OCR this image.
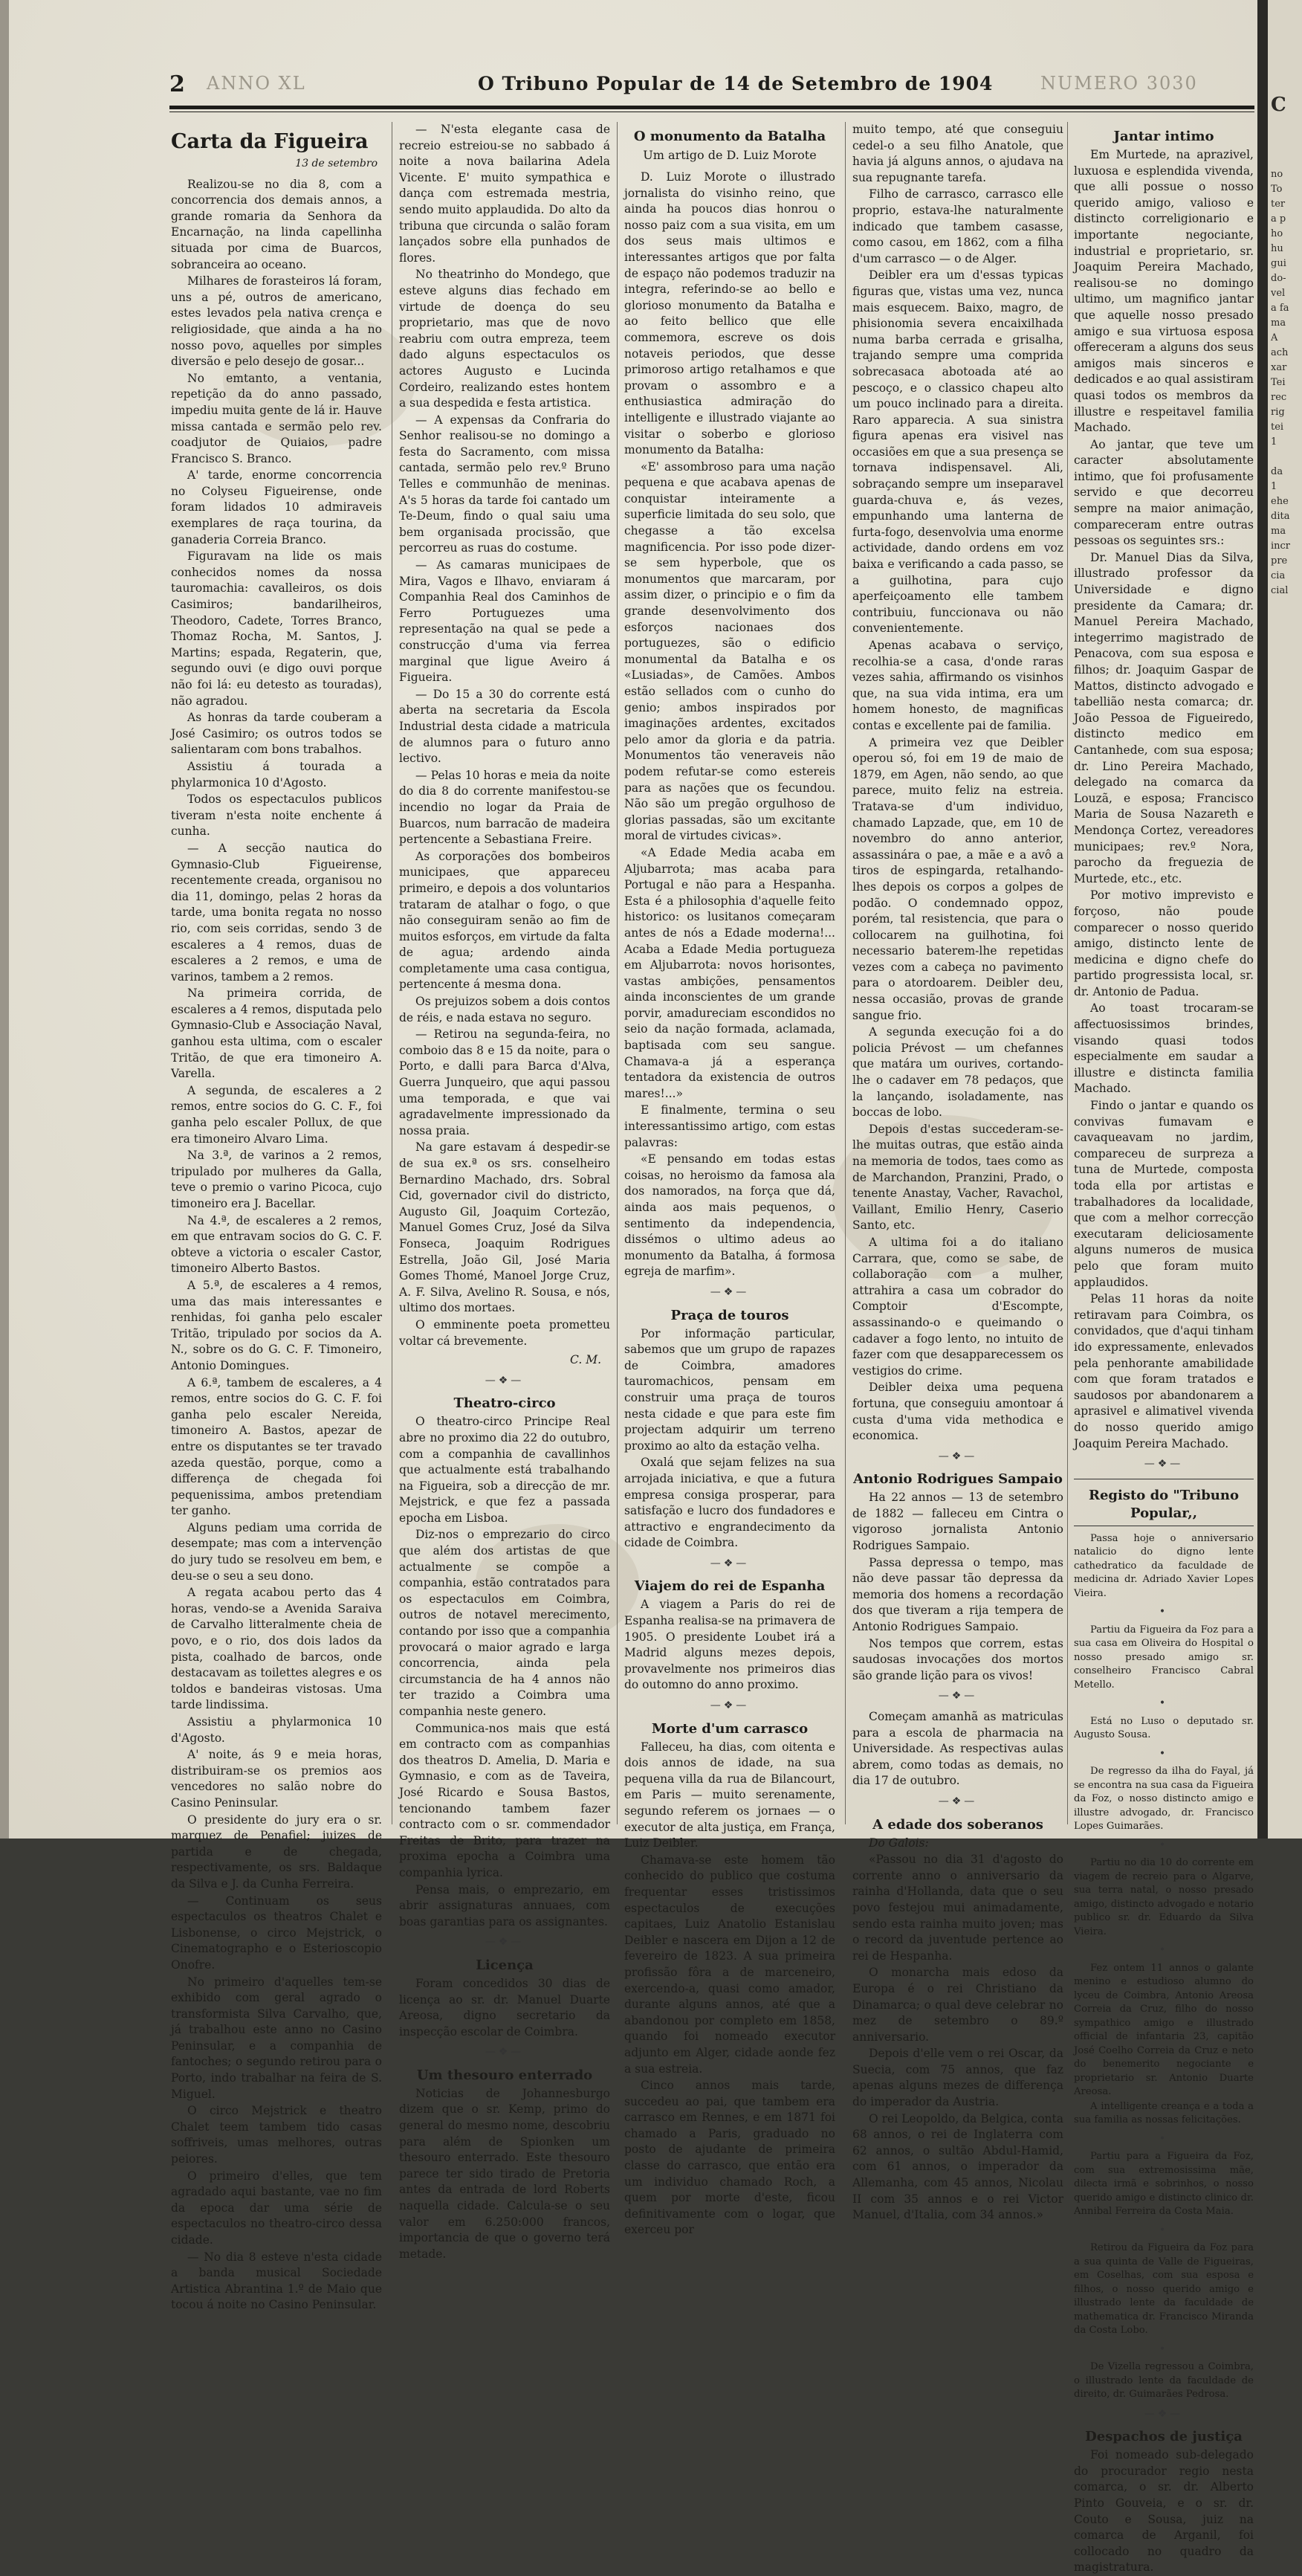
2 ANNO XL	O Tribuno Popular de 14 de Setembro de 1904	NUMERO 3030
Carta da Figueira
13 de setembro

Realizou-se no dia 8, com a concorrencia dos demais annos, a grande romaria da Senhora da Encarnação, na linda capellinha situada por cima de Buarcos, sobranceira ao oceano.

Milhares de forasteiros lá foram, uns a pé, outros de americano, estes levados pela nativa crença e religiosidade, que ainda a ha no nosso povo, aquelles por simples diversão e pelo desejo de gosar...

No emtanto, a ventania, repetição da do anno passado, impediu muita gente de lá ir. Hauve missa cantada e sermão pelo rev. coadjutor de Quiaios, padre Francisco S. Branco.

A' tarde, enorme concorrencia no Colyseu Figueirense, onde foram lidados 10 admiraveis exemplares de raça tourina, da ganaderia Correia Branco.

Figuravam na lide os mais conhecidos nomes da nossa tauromachia: cavalleiros, os dois Casimiros; bandarilheiros, Theodoro, Cadete, Torres Branco, Thomaz Rocha, M. Santos, J. Martins; espada, Regaterin, que, segundo ouvi (e digo ouvi porque não foi lá: eu detesto as touradas), não agradou.

As honras da tarde couberam a José Casimiro; os outros todos se salientaram com bons trabalhos.

Assistiu á tourada a phylarmonica 10 d'Agosto.

Todos os espectaculos publicos tiveram n'esta noite enchente á cunha.

— A secção nautica do Gymnasio-Club Figueirense, recentemente creada, organisou no dia 11, domingo, pelas 2 horas da tarde, uma bonita regata no nosso rio, com seis corridas, sendo 3 de escaleres a 4 remos, duas de escaleres a 2 remos, e uma de varinos, tambem a 2 remos.

Na primeira corrida, de escaleres a 4 remos, disputada pelo Gymnasio-Club e Associação Naval, ganhou esta ultima, com o escaler Tritão, de que era timoneiro A. Varella.

A segunda, de escaleres a 2 remos, entre socios do G. C. F., foi ganha pelo escaler Pollux, de que era timoneiro Alvaro Lima.

Na 3.ª, de varinos a 2 remos, tripulado por mulheres da Galla, teve o premio o varino Picoca, cujo timoneiro era J. Bacellar.

Na 4.ª, de escaleres a 2 remos, em que entravam socios do G. C. F. obteve a victoria o escaler Castor, timoneiro Alberto Bastos.

A 5.ª, de escaleres a 4 remos, uma das mais interessantes e renhidas, foi ganha pelo escaler Tritão, tripulado por socios da A. N., sobre os do G. C. F. Timoneiro, Antonio Domingues.

A 6.ª, tambem de escaleres, a 4 remos, entre socios do G. C. F. foi ganha pelo escaler Nereida, timoneiro A. Bastos, apezar de entre os disputantes se ter travado azeda questão, porque, como a differença de chegada foi pequenissima, ambos pretendiam ter ganho.

Alguns pediam uma corrida de desempate; mas com a intervenção do jury tudo se resolveu em bem, e deu-se o seu a seu dono.

A regata acabou perto das 4 horas, vendo-se a Avenida Saraiva de Carvalho litteralmente cheia de povo, e o rio, dos dois lados da pista, coalhado de barcos, onde destacavam as toilettes alegres e os toldos e bandeiras vistosas. Uma tarde lindissima.

Assistiu a phylarmonica 10 d'Agosto.

A' noite, ás 9 e meia horas, distribuiram-se os premios aos vencedores no salão nobre do Casino Peninsular.

O presidente do jury era o sr. marquez de Penafiel; juizes de partida e de chegada, respectivamente, os srs. Baldaque da Silva e J. da Cunha Ferreira.

— Continuam os seus espectaculos os theatros Chalet e Lisbonense, o circo Mejstrick, o Cinematographo e o Esterioscopio Onofre.

No primeiro d'aquelles tem-se exhibido com geral agrado o transformista Silva Carvalho, que, já trabalhou este anno no Casino Peninsular, e a companhia de fantoches; o segundo retirou para o Porto, indo trabalhar na feira de S. Miguel.

O circo Mejstrick e theatro Chalet teem tambem tido casas soffriveis, umas melhores, outras peiores.

O primeiro d'elles, que tem agradado aqui bastante, vae no fim da epoca dar uma série de espectaculos no theatro-circo dessa cidade.

— No dia 8 esteve n'esta cidade a banda musical Sociedade Artistica Abrantina 1.º de Maio que tocou á noite no Casino Peninsular.

— N'esta elegante casa de recreio estreiou-se no sabbado á noite a nova bailarina Adela Vicente. E' muito sympathica e dança com estremada mestria, sendo muito applaudida. Do alto da tribuna que circunda o salão foram lançados sobre ella punhados de flores.

No theatrinho do Mondego, que esteve alguns dias fechado em virtude de doença do seu proprietario, mas que de novo reabriu com outra empreza, teem dado alguns espectaculos os actores Augusto e Lucinda Cordeiro, realizando estes hontem a sua despedida e festa artistica.

— A expensas da Confraria do Senhor realisou-se no domingo a festa do Sacramento, com missa cantada, sermão pelo rev.º Bruno Telles e communhão de meninas. A's 5 horas da tarde foi cantado um Te-Deum, findo o qual saiu uma bem organisada procissão, que percorreu as ruas do costume.

— As camaras municipaes de Mira, Vagos e Ilhavo, enviaram á Companhia Real dos Caminhos de Ferro Portuguezes uma representação na qual se pede a construcção d'uma via ferrea marginal que ligue Aveiro á Figueira.

— Do 15 a 30 do corrente está aberta na secretaria da Escola Industrial desta cidade a matricula de alumnos para o futuro anno lectivo.

— Pelas 10 horas e meia da noite do dia 8 do corrente manifestou-se incendio no logar da Praia de Buarcos, num barracão de madeira pertencente a Sebastiana Freire.

As corporações dos bombeiros municipaes, que appareceu primeiro, e depois a dos voluntarios trataram de atalhar o fogo, o que não conseguiram senão ao fim de muitos esforços, em virtude da falta de agua; ardendo ainda completamente uma casa contigua, pertencente á mesma dona.

Os prejuizos sobem a dois contos de réis, e nada estava no seguro.

— Retirou na segunda-feira, no comboio das 8 e 15 da noite, para o Porto, e dalli para Barca d'Alva, Guerra Junqueiro, que aqui passou uma temporada, e que vai agradavelmente impressionado da nossa praia.

Na gare estavam á despedir-se de sua ex.ª os srs. conselheiro Bernardino Machado, drs. Sobral Cid, governador civil do districto, Augusto Gil, Joaquim Cortezão, Manuel Gomes Cruz, José da Silva Fonseca, Joaquim Rodrigues Estrella, João Gil, José Maria Gomes Thomé, Manoel Jorge Cruz, A. F. Silva, Avelino R. Sousa, e nós, ultimo dos mortaes.

O emminente poeta prometteu voltar cá brevemente.

C. M.
—❖—
Theatro-circo

O theatro-circo Principe Real abre no proximo dia 22 do outubro, com a companhia de cavallinhos que actualmente está trabalhando na Figueira, sob a direcção de mr. Mejstrick, e que fez a passada epocha em Lisboa.

Diz-nos o emprezario do circo que além dos artistas de que actualmente se compõe a companhia, estão contratados para os espectaculos em Coimbra, outros de notavel merecimento, contando por isso que a companhia provocará o maior agrado e larga concorrencia, ainda pela circumstancia de ha 4 annos não ter trazido a Coimbra uma companhia neste genero.

Communica-nos mais que está em contracto com as companhias dos theatros D. Amelia, D. Maria e Gymnasio, e com as de Taveira, José Ricardo e Sousa Bastos, tencionando tambem fazer contracto com o sr. commendador Freitas de Brito, para trazer na proxima epocha a Coimbra uma companhia lyrica.

Pensa mais, o emprezario, em abrir assignaturas annuaes, com boas garantias para os assignantes.

—❖—
Licença

Foram concedidos 30 dias de licença ao sr. dr. Manuel Duarte Areosa, digno secretario da inspecção escolar de Coimbra.

—❖—
Um thesouro enterrado

Noticias de Johannesburgo dizem que o sr. Kemp, primo do general do mesmo nome, descobriu para além de Spionken um thesouro enterrado. Este thesouro parece ter sido tirado de Pretoria antes da entrada de lord Roberts naquella cidade. Calcula-se o seu valor em 6.250:000 francos, importancia de que o governo terá metade.

O monumento da Batalha
Um artigo de D. Luiz Morote

D. Luiz Morote o illustrado jornalista do visinho reino, que ainda ha poucos dias honrou o nosso paiz com a sua visita, em um dos seus mais ultimos e interessantes artigos que por falta de espaço não podemos traduzir na integra, referindo-se ao bello e glorioso monumento da Batalha e ao feito bellico que elle commemora, escreve os dois notaveis periodos, que desse primoroso artigo retalhamos e que provam o assombro e a enthusiastica admiração do intelligente e illustrado viajante ao visitar o soberbo e glorioso monumento da Batalha:

«E' assombroso para uma nação pequena e que acabava apenas de conquistar inteiramente a superficie limitada do seu solo, que chegasse a tão excelsa magnificencia. Por isso pode dizer-se sem hyperbole, que os monumentos que marcaram, por assim dizer, o principio e o fim da grande desenvolvimento dos esforços nacionaes dos portuguezes, são o edificio monumental da Batalha e os «Lusiadas», de Camões. Ambos estão sellados com o cunho do genio; ambos inspirados por imaginações ardentes, excitados pelo amor da gloria e da patria. Monumentos tão veneraveis não podem refutar-se como estereis para as nações que os fecundou. Não são um pregão orgulhoso de glorias passadas, são um excitante moral de virtudes civicas».

«A Edade Media acaba em Aljubarrota; mas acaba para Portugal e não para a Hespanha. Esta é a philosophia d'aquelle feito historico: os lusitanos começaram antes de nós a Edade moderna!... Acaba a Edade Media portugueza em Aljubarrota: novos horisontes, vastas ambições, pensamentos ainda inconscientes de um grande porvir, amadureciam escondidos no seio da nação formada, aclamada, baptisada com seu sangue. Chamava-a já a esperança tentadora da existencia de outros mares!...»

E finalmente, termina o seu interessantissimo artigo, com estas palavras:

«E pensando em todas estas coisas, no heroismo da famosa ala dos namorados, na força que dá, ainda aos mais pequenos, o sentimento da independencia, dissémos o ultimo adeus ao monumento da Batalha, á formosa egreja de marfim».

—❖—
Praça de touros

Por informação particular, sabemos que um grupo de rapazes de Coimbra, amadores tauromachicos, pensam em construir uma praça de touros nesta cidade e que para este fim projectam adquirir um terreno proximo ao alto da estação velha.

Oxalá que sejam felizes na sua arrojada iniciativa, e que a futura empresa consiga prosperar, para satisfação e lucro dos fundadores e attractivo e engrandecimento da cidade de Coimbra.

—❖—
Viajem do rei de Espanha

A viagem a Paris do rei de Espanha realisa-se na primavera de 1905. O presidente Loubet irá a Madrid alguns mezes depois, provavelmente nos primeiros dias do outomno do anno proximo.

—❖—
Morte d'um carrasco

Falleceu, ha dias, com oitenta e dois annos de idade, na sua pequena villa da rua de Bilancourt, em Paris — muito serenamente, segundo referem os jornaes — o executor de alta justiça, em França, Luiz Deibler.

Chamava-se este homem tão conhecido do publico que costuma frequentar esses tristissimos espectaculos de execuções capitaes, Luiz Anatolio Estanislau Deibler e nascera em Dijon a 12 de fevereiro de 1823. A sua primeira profissão fôra a de marceneiro, exercendo-a, quasi como amador, durante alguns annos, até que a abandonou por completo em 1858, quando foi nomeado executor adjunto em Alger, cidade aonde fez a sua estreia.

Cinco annos mais tarde, succedeu ao pai, que tambem era carrasco em Rennes, e em 1871 foi chamado a Paris, graduado no posto de ajudante de primeira classe do carrasco, que então era um individuo chamado Roch, a quem por morte d'este, ficou definitivamente com o logar, que exerceu por

muito tempo, até que conseguiu cedel-o a seu filho Anatole, que havia já alguns annos, o ajudava na sua repugnante tarefa.

Filho de carrasco, carrasco elle proprio, estava-lhe naturalmente indicado que tambem casasse, como casou, em 1862, com a filha d'um carrasco — o de Alger.

Deibler era um d'essas typicas figuras que, vistas uma vez, nunca mais esquecem. Baixo, magro, de phisionomia severa encaixilhada numa barba cerrada e grisalha, trajando sempre uma comprida sobrecasaca abotoada até ao pescoço, e o classico chapeu alto um pouco inclinado para a direita. Raro apparecia. A sua sinistra figura apenas era visivel nas occasiões em que a sua presença se tornava indispensavel. Ali, sobraçando sempre um inseparavel guarda-chuva e, ás vezes, empunhando uma lanterna de furta-fogo, desenvolvia uma enorme actividade, dando ordens em voz baixa e verificando a cada passo, se a guilhotina, para cujo aperfeiçoamento elle tambem contribuiu, funccionava ou não convenientemente.

Apenas acabava o serviço, recolhia-se a casa, d'onde raras vezes sahia, affirmando os visinhos que, na sua vida intima, era um homem honesto, de magnificas contas e excellente pai de familia.

A primeira vez que Deibler operou só, foi em 19 de maio de 1879, em Agen, não sendo, ao que parece, muito feliz na estreia. Tratava-se d'um individuo, chamado Lapzade, que, em 10 de novembro do anno anterior, assassinára o pae, a mãe e a avô a tiros de espingarda, retalhando-lhes depois os corpos a golpes de podão. O condemnado oppoz, porém, tal resistencia, que para o collocarem na guilhotina, foi necessario baterem-lhe repetidas vezes com a cabeça no pavimento para o atordoarem. Deibler deu, nessa occasião, provas de grande sangue frio.

A segunda execução foi a do policia Prévost — um chefannes que matára um ourives, cortando-lhe o cadaver em 78 pedaços, que la lançando, isoladamente, nas boccas de lobo.

Depois d'estas succederam-se-lhe muitas outras, que estão ainda na memoria de todos, taes como as de Marchandon, Pranzini, Prado, o tenente Anastay, Vacher, Ravachol, Vaillant, Emilio Henry, Caserio Santo, etc.

A ultima foi a do italiano Carrara, que, como se sabe, de collaboração com a mulher, attrahira a casa um cobrador do Comptoir d'Escompte, assassinando-o e queimando o cadaver a fogo lento, no intuito de fazer com que desapparecessem os vestigios do crime.

Deibler deixa uma pequena fortuna, que conseguiu amontoar á custa d'uma vida methodica e economica.

—❖—
Antonio Rodrigues Sampaio

Ha 22 annos — 13 de setembro de 1882 — falleceu em Cintra o vigoroso jornalista Antonio Rodrigues Sampaio.

Passa depressa o tempo, mas não deve passar tão depressa da memoria dos homens a recordação dos que tiveram a rija tempera de Antonio Rodrigues Sampaio.

Nos tempos que correm, estas saudosas invocações dos mortos são grande lição para os vivos!

—❖—

Começam amanhã as matriculas para a escola de pharmacia na Universidade. As respectivas aulas abrem, como todas as demais, no dia 17 de outubro.

—❖—
A edade dos soberanos

Do Galois:

«Passou no dia 31 d'agosto do corrente anno o anniversario da rainha d'Hollanda, data que o seu povo festejou mui animadamente, sendo esta rainha muito joven; mas o record da juventude pertence ao rei de Hespanha.

O monarcha mais edoso da Europa é o rei Christiano da Dinamarca; o qual deve celebrar no mez de setembro o 89.º anniversario.

Depois d'elle vem o rei Oscar, da Suecia, com 75 annos, que faz apenas alguns mezes de differença do imperador da Austria.

O rei Leopoldo, da Belgica, conta 68 annos, o rei de Inglaterra com 62 annos, o sultão Abdul-Hamid, com 61 annos, o imperador da Allemanha, com 45 annos, Nicolau II com 35 annos e o rei Victor Manuel, d'Italia, com 34 annos.»

Jantar intimo

Em Murtede, na aprazivel, luxuosa e esplendida vivenda, que alli possue o nosso querido amigo, valioso e distincto correligionario e importante negociante, industrial e proprietario, sr. Joaquim Pereira Machado, realisou-se no domingo ultimo, um magnifico jantar que aquelle nosso presado amigo e sua virtuosa esposa offereceram a alguns dos seus amigos mais sinceros e dedicados e ao qual assistiram quasi todos os membros da illustre e respeitavel familia Machado.

Ao jantar, que teve um caracter absolutamente intimo, que foi profusamente servido e que decorreu sempre na maior animação, compareceram entre outras pessoas os seguintes srs.:

Dr. Manuel Dias da Silva, illustrado professor da Universidade e digno presidente da Camara; dr. Manuel Pereira Machado, integerrimo magistrado de Penacova, com sua esposa e filhos; dr. Joaquim Gaspar de Mattos, distincto advogado e tabellião nesta comarca; dr. João Pessoa de Figueiredo, distincto medico em Cantanhede, com sua esposa; dr. Lino Pereira Machado, delegado na comarca da Louzã, e esposa; Francisco Maria de Sousa Nazareth e Mendonça Cortez, vereadores municipaes; rev.º Nora, parocho da freguezia de Murtede, etc., etc.

Por motivo imprevisto e forçoso, não poude comparecer o nosso querido amigo, distincto lente de medicina e digno chefe do partido progressista local, sr. dr. Antonio de Padua.

Ao toast trocaram-se affectuosissimos brindes, visando quasi todos especialmente em saudar a illustre e distincta familia Machado.

Findo o jantar e quando os convivas fumavam e cavaqueavam no jardim, compareceu de surpreza a tuna de Murtede, composta toda ella por artistas e trabalhadores da localidade, que com a melhor correcção executaram deliciosamente alguns numeros de musica pelo que foram muito applaudidos.

Pelas 11 horas da noite retiravam para Coimbra, os convidados, que d'aqui tinham ido expressamente, enlevados pela penhorante amabilidade com que foram tratados e saudosos por abandonarem a aprasivel e alimativel vivenda do nosso querido amigo Joaquim Pereira Machado.

—❖—
Registo do "Tribuno Popular,,

Passa hoje o anniversario natalicio do digno lente cathedratico da faculdade de medicina dr. Adriado Xavier Lopes Vieira.

•

Partiu da Figueira da Foz para a sua casa em Oliveira do Hospital o nosso presado amigo sr. conselheiro Francisco Cabral Metello.

•

Está no Luso o deputado sr. Augusto Sousa.

•

De regresso da ilha do Fayal, já se encontra na sua casa da Figueira da Foz, o nosso distincto amigo e illustre advogado, dr. Francisco Lopes Guimarães.

•

Partiu no dia 10 do corrente em viagem de recreio para o Algarve, sua terra natal, o nosso presado amigo, distincto advogado e notario publico sr. dr. Eduardo da Silva Vieira.

•

Fez ontem 11 annos o galante menino e estudioso alumno do lyceu de Coimbra, Antonio Areosa Correia da Cruz, filho do nosso sympathico amigo e illustrado official de infantaria 23, capitão José Coelho Correia da Cruz e neto do benemerito negociante e proprietario sr. Antonio Duarte Areosa.

A intelligente creança e a toda a sua familia as nossas felicitações.

•

Partiu para a Figueira da Foz, com sua extremosissima mãe, dilecta irmã e sobrinhos, o nosso querido amigo e distincto clinico dr. Annibal Ferreira da Costa Maia.

•

Retirou da Figueira da Foz para a sua quinta de Valle de Figueiras, em Coselhas, com sua esposa e filhos, o nosso querido amigo e illustrado lente da faculdade de mathematica dr. Francisco Miranda da Costa Lobo.

•

De Vizella regressou a Coimbra, o illustrado lente da faculdade de direito, dr. Guimarães Pedrosa.

—❖—
Despachos de justiça

Foi nomeado sub-delegado do procurador regio nesta comarca, o sr. dr. Alberto Pinto Gouveia, e o sr. dr. Couto e Sousa, juiz na comarca de Arganil, foi collocado no quadro da magistratura.

C
no
To
ter
a p
ho
hu
gui
do-
vel
a fa
ma
A
ach
xar
Tei
rec
rig
tei
1
da
1
ehe
dita
ma
incr
pre
cia
cial
